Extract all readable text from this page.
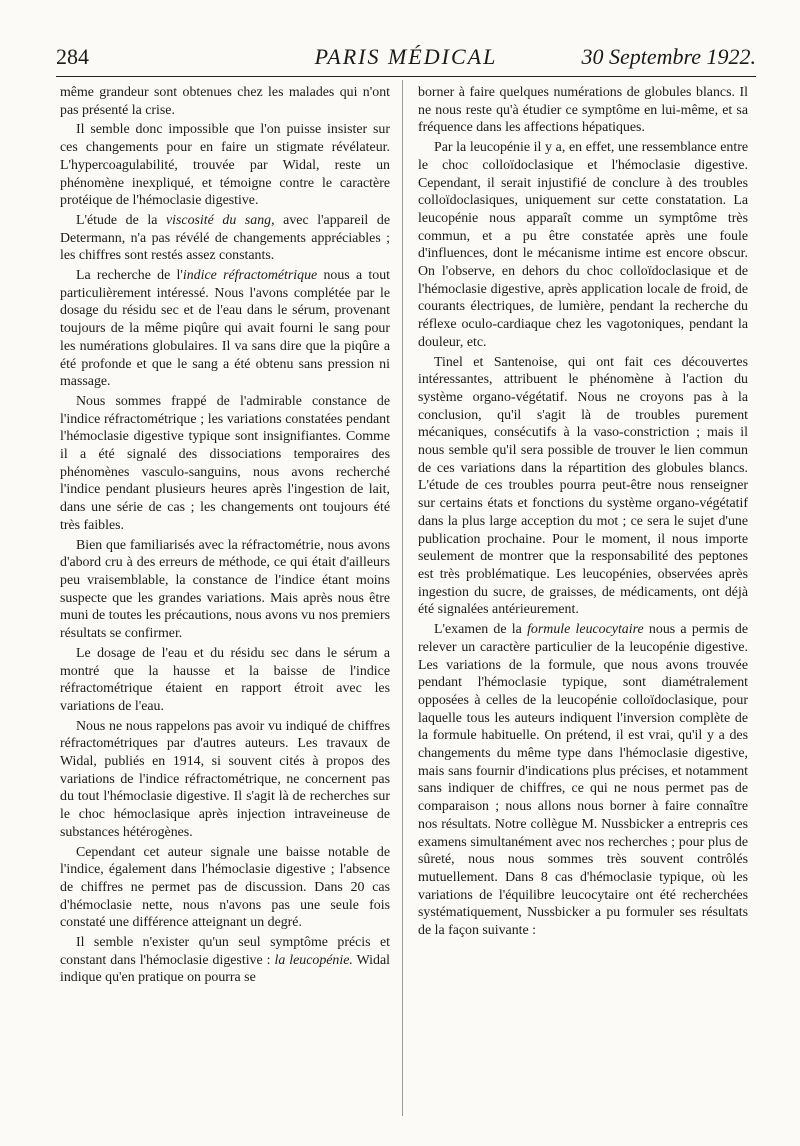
284	PARIS MÉDICAL	30 Septembre 1922.

même grandeur sont obtenues chez les malades qui n'ont pas présenté la crise.

Il semble donc impossible que l'on puisse insister sur ces changements pour en faire un stigmate révélateur. L'hypercoagulabilité, trouvée par Widal, reste un phénomène inexpliqué, et témoigne contre le caractère protéique de l'hémoclasie digestive.

L'étude de la viscosité du sang, avec l'appareil de Determann, n'a pas révélé de changements appréciables ; les chiffres sont restés assez constants.

La recherche de l'indice réfractométrique nous a tout particulièrement intéressé. Nous l'avons complétée par le dosage du résidu sec et de l'eau dans le sérum, provenant toujours de la même piqûre qui avait fourni le sang pour les numérations globulaires. Il va sans dire que la piqûre a été profonde et que le sang a été obtenu sans pression ni massage.

Nous sommes frappé de l'admirable constance de l'indice réfractométrique ; les variations constatées pendant l'hémoclasie digestive typique sont insignifiantes. Comme il a été signalé des dissociations temporaires des phénomènes vasculo-sanguins, nous avons recherché l'indice pendant plusieurs heures après l'ingestion de lait, dans une série de cas ; les changements ont toujours été très faibles.

Bien que familiarisés avec la réfractométrie, nous avons d'abord cru à des erreurs de méthode, ce qui était d'ailleurs peu vraisemblable, la constance de l'indice étant moins suspecte que les grandes variations. Mais après nous être muni de toutes les précautions, nous avons vu nos premiers résultats se confirmer.

Le dosage de l'eau et du résidu sec dans le sérum a montré que la hausse et la baisse de l'indice réfractométrique étaient en rapport étroit avec les variations de l'eau.

Nous ne nous rappelons pas avoir vu indiqué de chiffres réfractométriques par d'autres auteurs. Les travaux de Widal, publiés en 1914, si souvent cités à propos des variations de l'indice réfractométrique, ne concernent pas du tout l'hémoclasie digestive. Il s'agit là de recherches sur le choc hémoclasique après injection intraveineuse de substances hétérogènes.

Cependant cet auteur signale une baisse notable de l'indice, également dans l'hémoclasie digestive ; l'absence de chiffres ne permet pas de discussion. Dans 20 cas d'hémoclasie nette, nous n'avons pas une seule fois constaté une différence atteignant un degré.

Il semble n'exister qu'un seul symptôme précis et constant dans l'hémoclasie digestive : la leucopénie. Widal indique qu'en pratique on pourra se

borner à faire quelques numérations de globules blancs. Il ne nous reste qu'à étudier ce symptôme en lui-même, et sa fréquence dans les affections hépatiques.

Par la leucopénie il y a, en effet, une ressemblance entre le choc colloïdoclasique et l'hémoclasie digestive. Cependant, il serait injustifié de conclure à des troubles colloïdoclasiques, uniquement sur cette constatation. La leucopénie nous apparaît comme un symptôme très commun, et a pu être constatée après une foule d'influences, dont le mécanisme intime est encore obscur. On l'observe, en dehors du choc colloïdoclasique et de l'hémoclasie digestive, après application locale de froid, de courants électriques, de lumière, pendant la recherche du réflexe oculo-cardiaque chez les vagotoniques, pendant la douleur, etc.

Tinel et Santenoise, qui ont fait ces découvertes intéressantes, attribuent le phénomène à l'action du système organo-végétatif. Nous ne croyons pas à la conclusion, qu'il s'agit là de troubles purement mécaniques, consécutifs à la vaso-constriction ; mais il nous semble qu'il sera possible de trouver le lien commun de ces variations dans la répartition des globules blancs. L'étude de ces troubles pourra peut-être nous renseigner sur certains états et fonctions du système organo-végétatif dans la plus large acception du mot ; ce sera le sujet d'une publication prochaine. Pour le moment, il nous importe seulement de montrer que la responsabilité des peptones est très problématique. Les leucopénies, observées après ingestion du sucre, de graisses, de médicaments, ont déjà été signalées antérieurement.

L'examen de la formule leucocytaire nous a permis de relever un caractère particulier de la leucopénie digestive. Les variations de la formule, que nous avons trouvée pendant l'hémoclasie typique, sont diamétralement opposées à celles de la leucopénie colloïdoclasique, pour laquelle tous les auteurs indiquent l'inversion complète de la formule habituelle. On prétend, il est vrai, qu'il y a des changements du même type dans l'hémoclasie digestive, mais sans fournir d'indications plus précises, et notamment sans indiquer de chiffres, ce qui ne nous permet pas de comparaison ; nous allons nous borner à faire connaître nos résultats. Notre collègue M. Nussbicker a entrepris ces examens simultanément avec nos recherches ; pour plus de sûreté, nous nous sommes très souvent contrôlés mutuellement. Dans 8 cas d'hémoclasie typique, où les variations de l'équilibre leucocytaire ont été recherchées systématiquement, Nussbicker a pu formuler ses résultats de la façon suivante :
